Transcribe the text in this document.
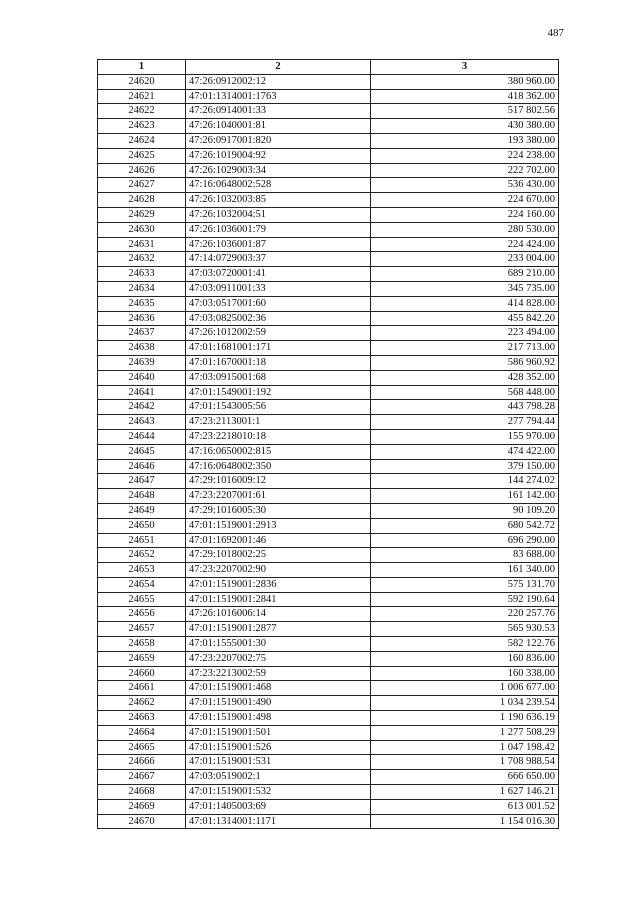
487
1	2	3
24620	47:26:0912002:12	380 960.00
24621	47:01:1314001:1763	418 362.00
24622	47:26:0914001:33	517 802.56
24623	47:26:1040001:81	430 380.00
24624	47:26:0917001:820	193 380.00
24625	47:26:1019004:92	224 238.00
24626	47:26:1029003:34	222 702.00
24627	47:16:0648002:528	536 430.00
24628	47:26:1032003:85	224 670.00
24629	47:26:1032004:51	224 160.00
24630	47:26:1036001:79	280 530.00
24631	47:26:1036001:87	224 424.00
24632	47:14:0729003:37	233 004.00
24633	47:03:0720001:41	689 210.00
24634	47:03:0911001:33	345 735.00
24635	47:03:0517001:60	414 828.00
24636	47:03:0825002:36	455 842.20
24637	47:26:1012002:59	223 494.00
24638	47:01:1681001:171	217 713.00
24639	47:01:1670001:18	586 960.92
24640	47:03:0915001:68	428 352.00
24641	47:01:1549001:192	568 448.00
24642	47:01:1543005:56	443 798.28
24643	47:23:2113001:1	277 794.44
24644	47:23:2218010:18	155 970.00
24645	47:16:0650002:815	474 422.00
24646	47:16:0648002:350	379 150.00
24647	47:29:1016009:12	144 274.02
24648	47:23:2207001:61	161 142.00
24649	47:29:1016005:30	90 109.20
24650	47:01:1519001:2913	680 542.72
24651	47:01:1692001:46	696 290.00
24652	47:29:1018002:25	83 688.00
24653	47:23:2207002:90	161 340.00
24654	47:01:1519001:2836	575 131.70
24655	47:01:1519001:2841	592 190.64
24656	47:26:1016006:14	220 257.76
24657	47:01:1519001:2877	565 930.53
24658	47:01:1555001:30	582 122.76
24659	47:23:2207002:75	160 836.00
24660	47:23:2213002:59	160 338.00
24661	47:01:1519001:468	1 006 677.00
24662	47:01:1519001:490	1 034 239.54
24663	47:01:1519001:498	1 190 636.19
24664	47:01:1519001:501	1 277 508.29
24665	47:01:1519001:526	1 047 198.42
24666	47:01:1519001:531	1 708 988.54
24667	47:03:0519002:1	666 650.00
24668	47:01:1519001:532	1 627 146.21
24669	47:01:1405003:69	613 001.52
24670	47:01:1314001:1171	1 154 016.30
